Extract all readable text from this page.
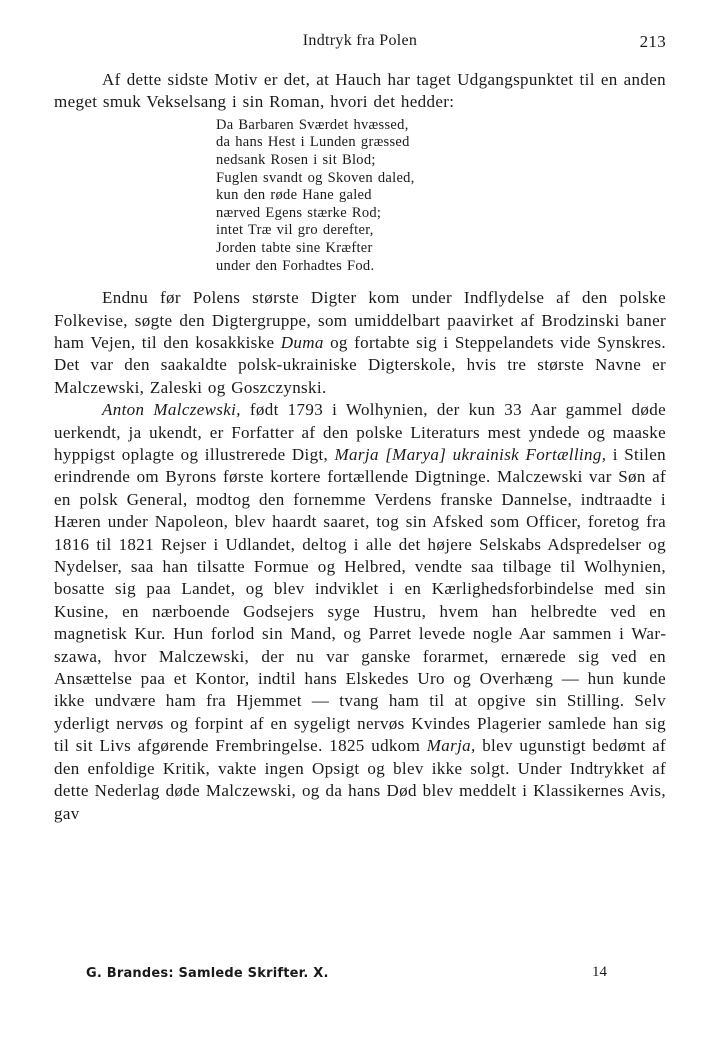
Indtryk fra Polen	213

Af dette sidste Motiv er det, at Hauch har taget Udgangspunktet til en anden meget smuk Vekselsang i sin Roman, hvori det hedder:

Da Barbaren Sværdet hvæssed,
da hans Hest i Lunden græssed
nedsank Rosen i sit Blod;
Fuglen svandt og Skoven daled,
kun den røde Hane galed
nærved Egens stærke Rod;
intet Træ vil gro derefter,
Jorden tabte sine Kræfter
under den Forhadtes Fod.

Endnu før Polens største Digter kom under Indflydelse af den polske Folkevise, søgte den Digtergruppe, som umiddelbart paavirket af Brodzinski baner ham Vejen, til den kosakkiske Duma og fortabte sig i Steppelandets vide Synskres. Det var den saakaldte polsk-ukrainiske Digterskole, hvis tre største Navne er Malczewski, Zaleski og Goszczynski.

Anton Malczewski, født 1793 i Wolhynien, der kun 33 Aar gammel døde uerkendt, ja ukendt, er Forfatter af den polske Literaturs mest yndede og maaske hyppigst oplagte og illustrerede Digt, Marja [Marya] ukrainisk Fortælling, i Stilen erindrende om Byrons første kortere fortællende Digtninge. Malczewski var Søn af en polsk General, modtog den fornemme Verdens franske Dannelse, indtraadte i Hæren under Napoleon, blev haardt saaret, tog sin Afsked som Officer, foretog fra 1816 til 1821 Rejser i Udlandet, deltog i alle det højere Selskabs Adspredelser og Nydelser, saa han tilsatte Formue og Helbred, vendte saa tilbage til Wolhynien, bosatte sig paa Landet, og blev indviklet i en Kærlighedsforbindelse med sin Kusine, en nærboende Godsejers syge Hustru, hvem han helbredte ved en magnetisk Kur. Hun forlod sin Mand, og Parret levede nogle Aar sammen i Warszawa, hvor Malczewski, der nu var ganske forarmet, ernærede sig ved en Ansættelse paa et Kontor, indtil hans Elskedes Uro og Overhæng — hun kunde ikke undvære ham fra Hjemmet — tvang ham til at opgive sin Stilling. Selv yderligt nervøs og forpint af en sygeligt nervøs Kvindes Plagerier samlede han sig til sit Livs afgørende Frembringelse. 1825 udkom Marja, blev ugunstigt bedømt af den enfoldige Kritik, vakte ingen Opsigt og blev ikke solgt. Under Indtrykket af dette Nederlag døde Malczewski, og da hans Død blev meddelt i Klassikernes Avis, gav

G. Brandes: Samlede Skrifter. X.	14
